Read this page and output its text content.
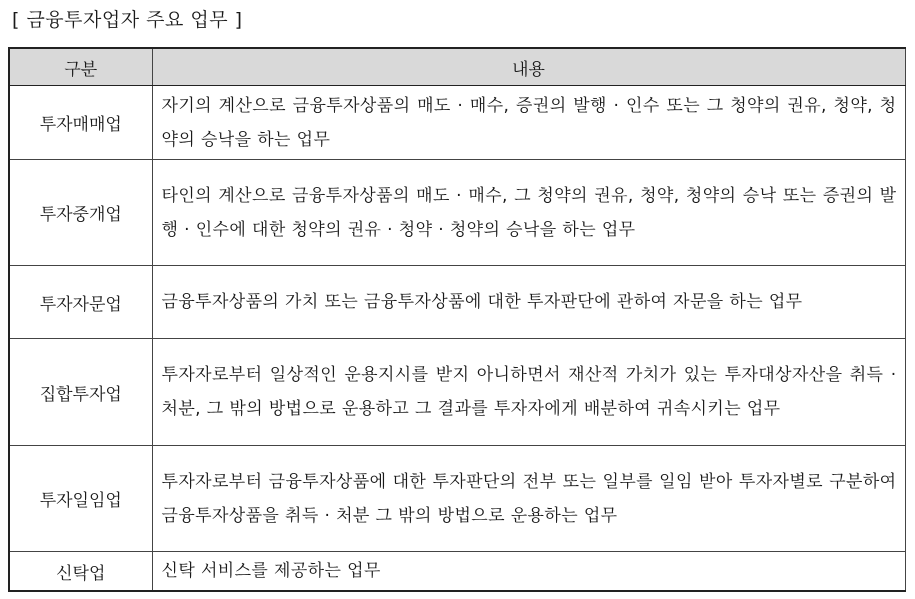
[ 금융투자업자 주요 업무 ]
구분	내용
투자매매업	자기의 계산으로 금융투자상품의 매도 · 매수, 증권의 발행 · 인수 또는 그 청약의 권유, 청약, 청약의 승낙을 하는 업무
투자중개업	타인의 계산으로 금융투자상품의 매도 · 매수, 그 청약의 권유, 청약, 청약의 승낙 또는 증권의 발행 · 인수에 대한 청약의 권유 · 청약 · 청약의 승낙을 하는 업무
투자자문업	금융투자상품의 가치 또는 금융투자상품에 대한 투자판단에 관하여 자문을 하는 업무
집합투자업	투자자로부터 일상적인 운용지시를 받지 아니하면서 재산적 가치가 있는 투자대상자산을 취득 · 처분, 그 밖의 방법으로 운용하고 그 결과를 투자자에게 배분하여 귀속시키는 업무
투자일임업	투자자로부터 금융투자상품에 대한 투자판단의 전부 또는 일부를 일임 받아 투자자별로 구분하여 금융투자상품을 취득 · 처분 그 밖의 방법으로 운용하는 업무
신탁업	신탁 서비스를 제공하는 업무
